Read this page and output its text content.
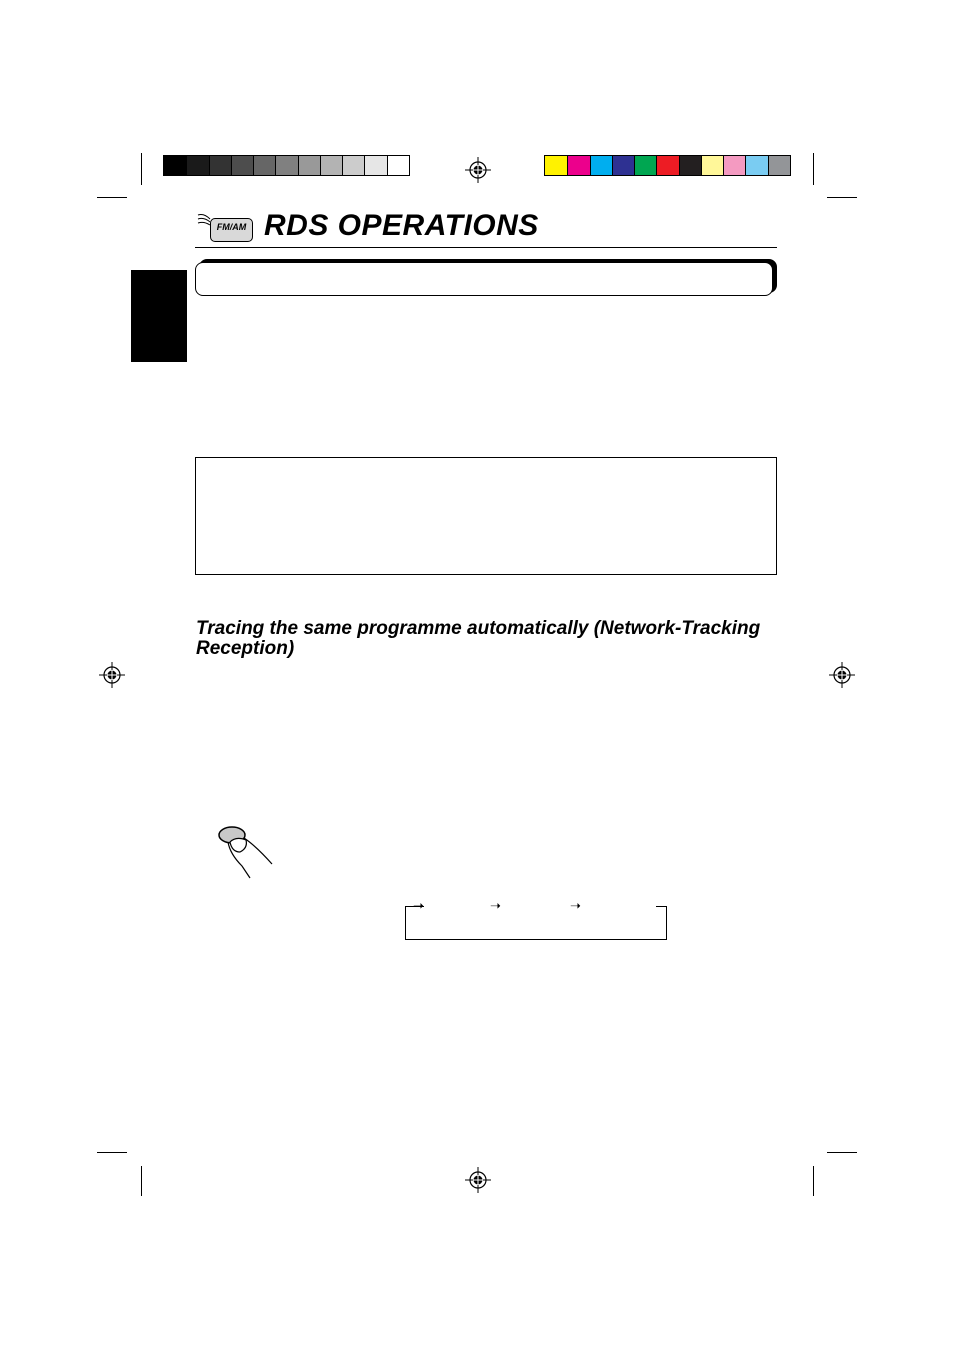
FM/AM RDS OPERATIONS
Tracing the same programme automatically (Network-Tracking Reception)
➝	➝	➝
